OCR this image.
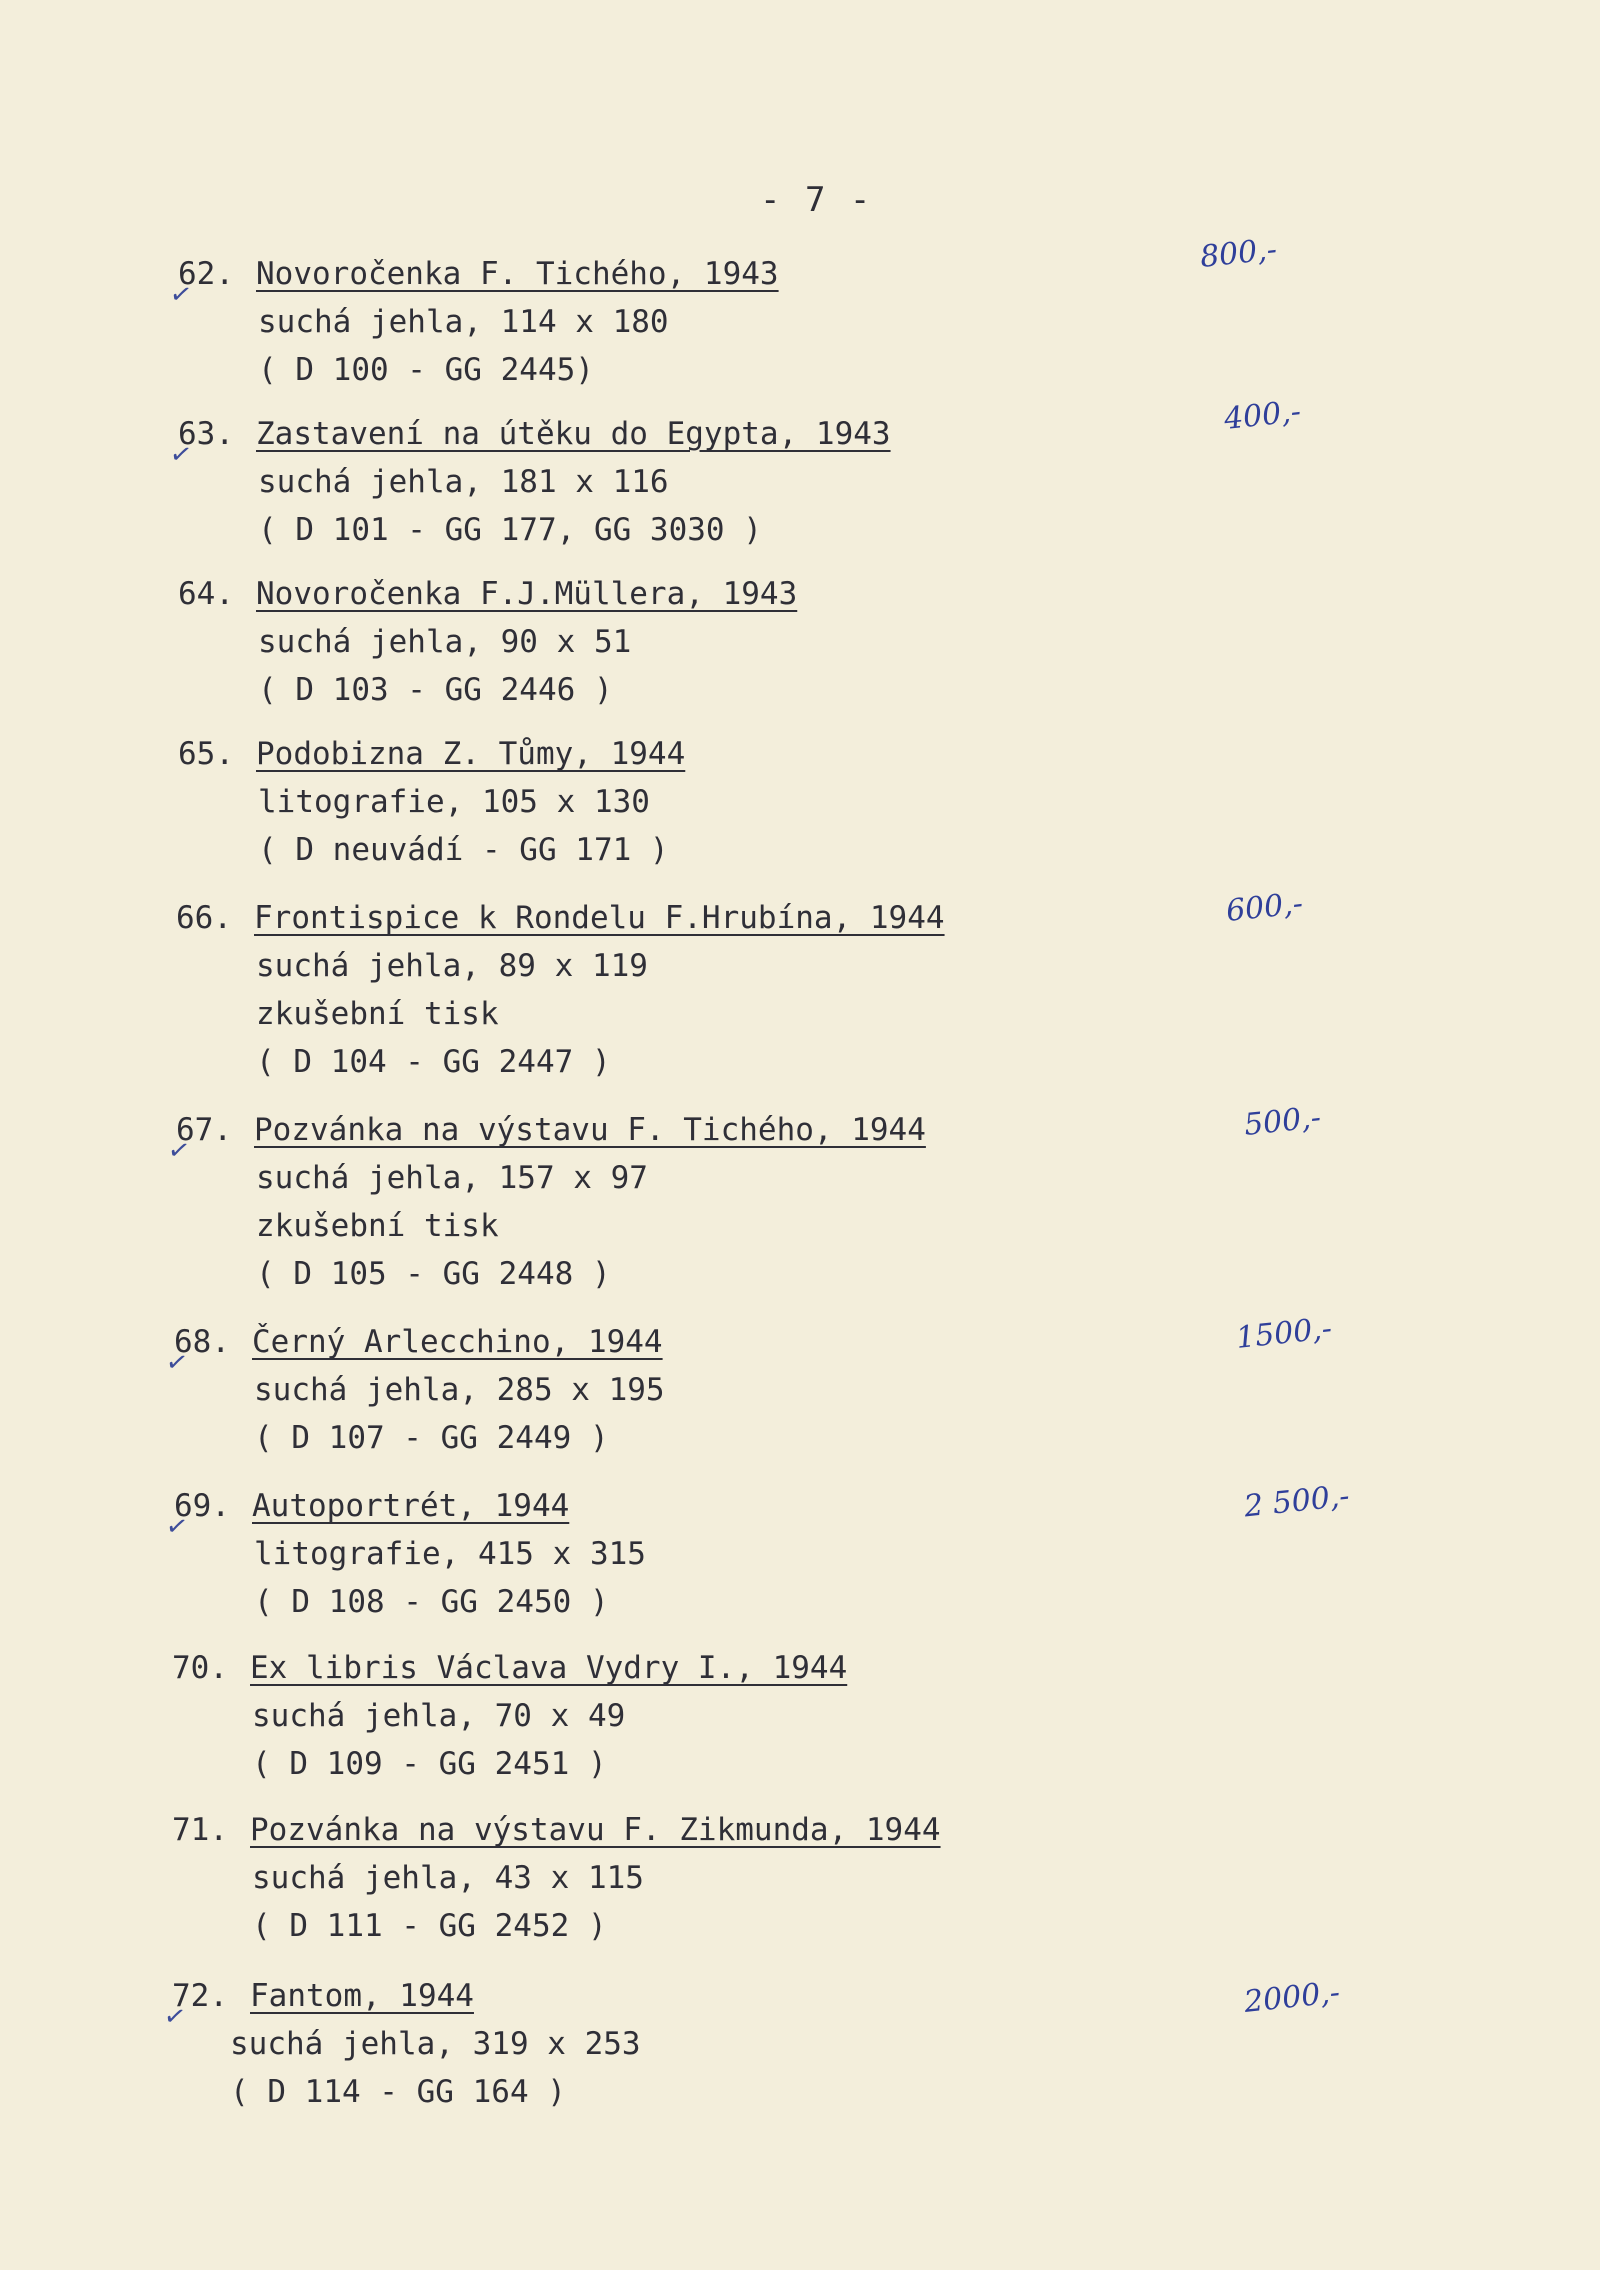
- 7 -
62. Novoročenka F. Tichého, 1943
suchá jehla, 114 x 180
( D 100 - GG 2445)
✓
800,-
63. Zastavení na útěku do Egypta, 1943
suchá jehla, 181 x 116
( D 101 - GG 177, GG 3030 )
✓
400,-
64. Novoročenka F.J.Müllera, 1943
suchá jehla, 90 x 51
( D 103 - GG 2446 )
65. Podobizna Z. Tůmy, 1944
litografie, 105 x 130
( D neuvádí - GG 171 )
66. Frontispice k Rondelu F.Hrubína, 1944
suchá jehla, 89 x 119
zkušební tisk
( D 104 - GG 2447 )
600,-
67. Pozvánka na výstavu F. Tichého, 1944
suchá jehla, 157 x 97
zkušební tisk
( D 105 - GG 2448 )
✓
500,-
68. Černý Arlecchino, 1944
suchá jehla, 285 x 195
( D 107 - GG 2449 )
✓
1500,-
69. Autoportrét, 1944
litografie, 415 x 315
( D 108 - GG 2450 )
✓
2 500,-
70. Ex libris Václava Vydry I., 1944
suchá jehla, 70 x 49
( D 109 - GG 2451 )
71. Pozvánka na výstavu F. Zikmunda, 1944
suchá jehla, 43 x 115
( D 111 - GG 2452 )
72. Fantom, 1944
suchá jehla, 319 x 253
( D 114 - GG 164 )
✓	2000,-
